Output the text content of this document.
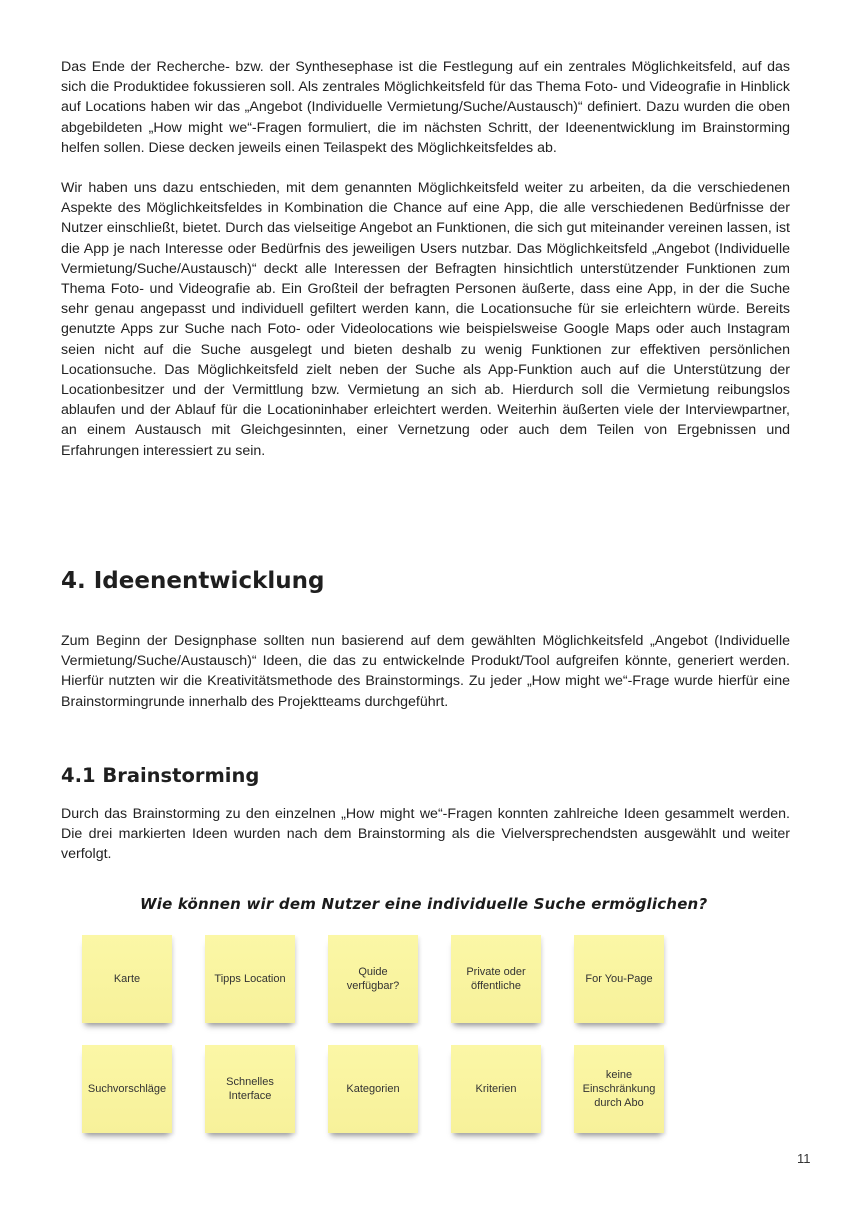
Das Ende der Recherche- bzw. der Synthesephase ist die Festlegung auf ein zentrales Möglichkeitsfeld, auf das sich die Produktidee fokussieren soll. Als zentrales Möglichkeitsfeld für das Thema Foto- und Videografie in Hinblick auf Locations haben wir das „Angebot (Individuelle Vermietung/Suche/Austausch)“ definiert. Dazu wurden die oben abgebildeten „How might we“-Fragen formuliert, die im nächsten Schritt, der Ideenentwicklung im Brainstorming helfen sollen. Diese decken jeweils einen Teilaspekt des Möglichkeitsfeldes ab.

Wir haben uns dazu entschieden, mit dem genannten Möglichkeitsfeld weiter zu arbeiten, da die verschiedenen Aspekte des Möglichkeitsfeldes in Kombination die Chance auf eine App, die alle verschiedenen Bedürfnisse der Nutzer einschließt, bietet. Durch das vielseitige Angebot an Funktionen, die sich gut miteinander vereinen lassen, ist die App je nach Interesse oder Bedürfnis des jeweiligen Users nutzbar. Das Möglichkeitsfeld „Angebot (Individuelle Vermietung/Suche/Austausch)“ deckt alle Interessen der Befragten hinsichtlich unterstützender Funktionen zum Thema Foto- und Videografie ab. Ein Großteil der befragten Personen äußerte, dass eine App, in der die Suche sehr genau angepasst und individuell gefiltert werden kann, die Locationsuche für sie erleichtern würde. Bereits genutzte Apps zur Suche nach Foto- oder Videolocations wie beispielsweise Google Maps oder auch Instagram seien nicht auf die Suche ausgelegt und bieten deshalb zu wenig Funktionen zur effektiven persönlichen Locationsuche. Das Möglichkeitsfeld zielt neben der Suche als App-Funktion auch auf die Unterstützung der Locationbesitzer und der Vermittlung bzw. Vermietung an sich ab. Hierdurch soll die Vermietung reibungslos ablaufen und der Ablauf für die Locationinhaber erleichtert werden. Weiterhin äußerten viele der Interviewpartner, an einem Austausch mit Gleichgesinnten, einer Vernetzung oder auch dem Teilen von Ergebnissen und Erfahrungen interessiert zu sein.

4. Ideenentwicklung

Zum Beginn der Designphase sollten nun basierend auf dem gewählten Möglichkeitsfeld „Angebot (Individuelle Vermietung/Suche/Austausch)“ Ideen, die das zu entwickelnde Produkt/Tool aufgreifen könnte, generiert werden. Hierfür nutzten wir die Kreativitätsmethode des Brainstormings. Zu jeder „How might we“-Frage wurde hierfür eine Brainstormingrunde innerhalb des Projektteams durchgeführt.

4.1 Brainstorming

Durch das Brainstorming zu den einzelnen „How might we“-Fragen konnten zahlreiche Ideen gesammelt werden. Die drei markierten Ideen wurden nach dem Brainstorming als die Vielversprechendsten ausgewählt und weiter verfolgt.

Wie können wir dem Nutzer eine individuelle Suche ermöglichen?
Karte	Tipps Location
Quide verfügbar?
Private oder öffentliche
For You-Page
Suchvorschläge
Schnelles Interface
Kategorien	Kriterien
keine Einschränkung durch Abo
11
